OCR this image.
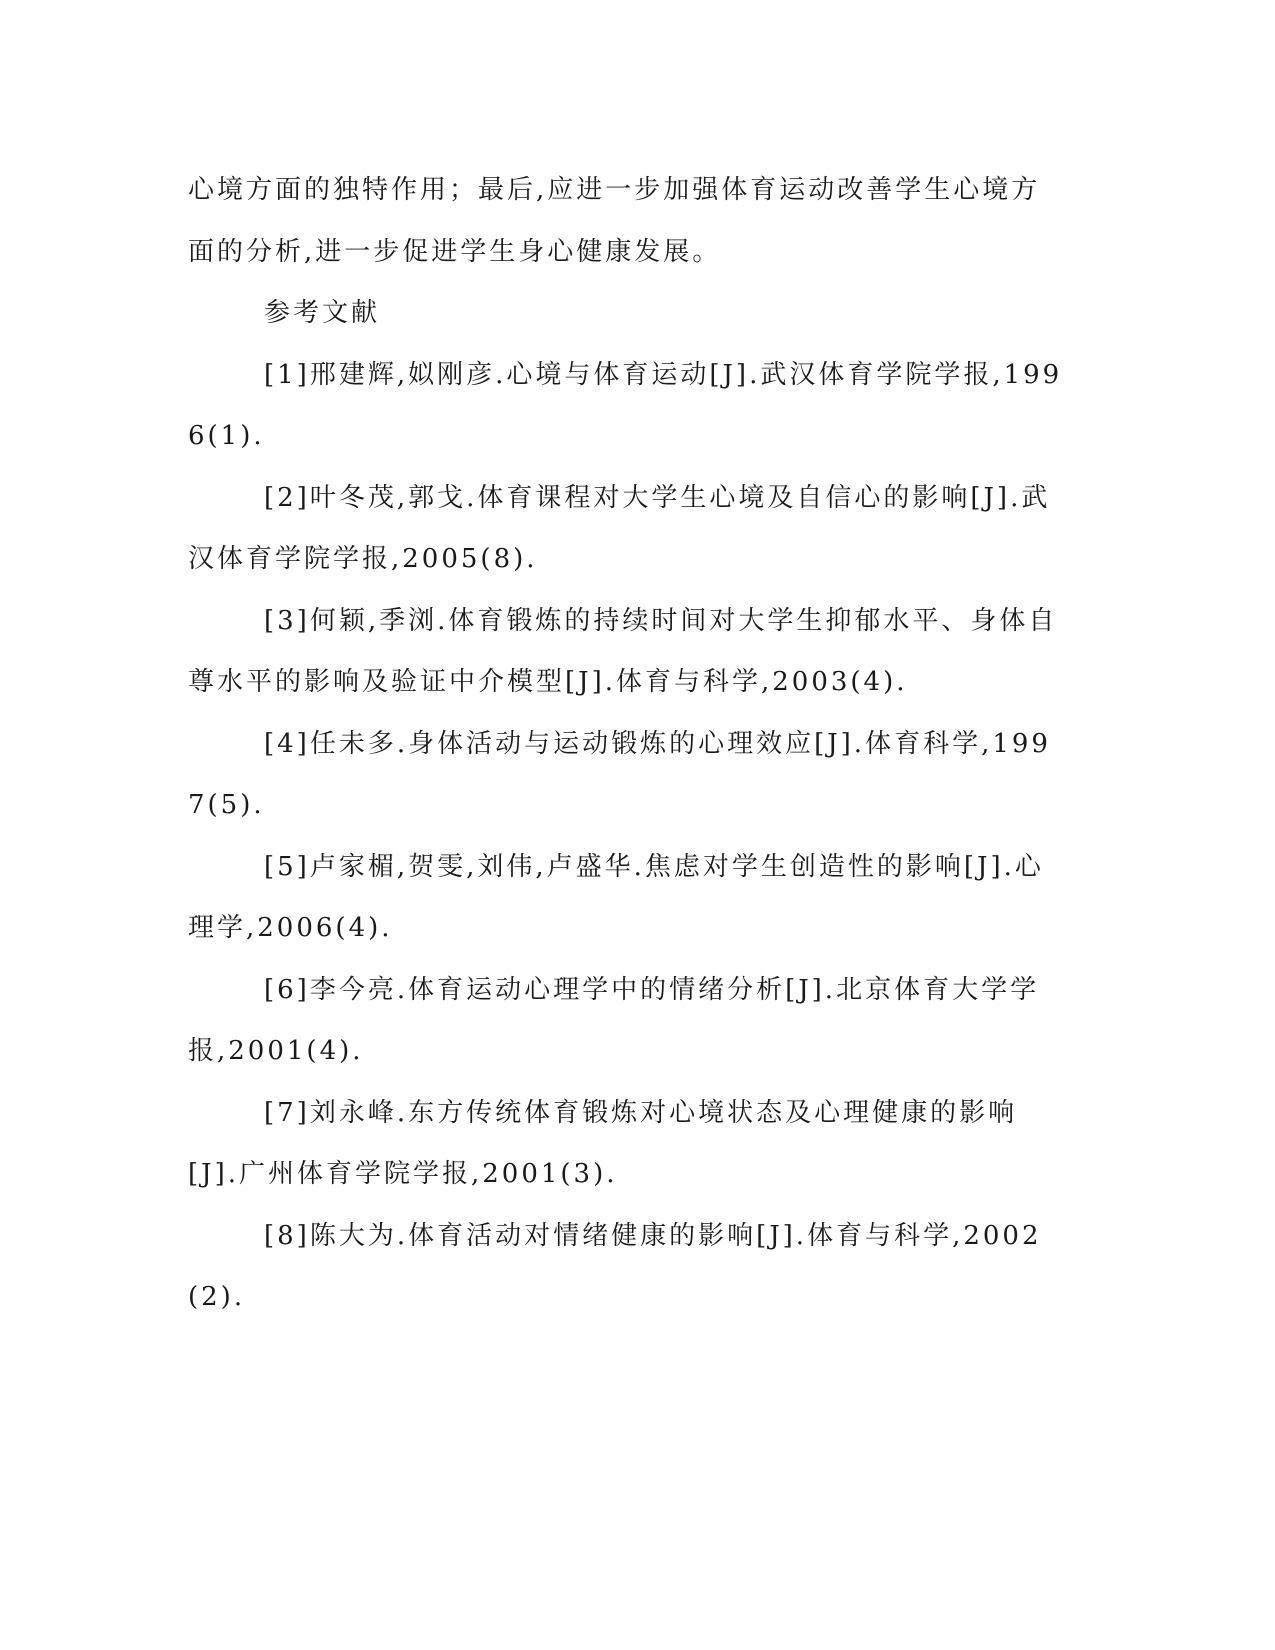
心境方面的独特作用；最后,应进一步加强体育运动改善学生心境方面的分析,进一步促进学生身心健康发展。

参考文献

[1]邢建辉,姒刚彦.心境与体育运动[J].武汉体育学院学报,1996(1).

[2]叶冬茂,郭戈.体育课程对大学生心境及自信心的影响[J].武汉体育学院学报,2005(8).

[3]何颖,季浏.体育锻炼的持续时间对大学生抑郁水平、身体自尊水平的影响及验证中介模型[J].体育与科学,2003(4).

[4]任未多.身体活动与运动锻炼的心理效应[J].体育科学,1997(5).

[5]卢家楣,贺雯,刘伟,卢盛华.焦虑对学生创造性的影响[J].心理学,2006(4).

[6]李今亮.体育运动心理学中的情绪分析[J].北京体育大学学报,2001(4).

[7]刘永峰.东方传统体育锻炼对心境状态及心理健康的影响[J].广州体育学院学报,2001(3).

[8]陈大为.体育活动对情绪健康的影响[J].体育与科学,2002(2).
